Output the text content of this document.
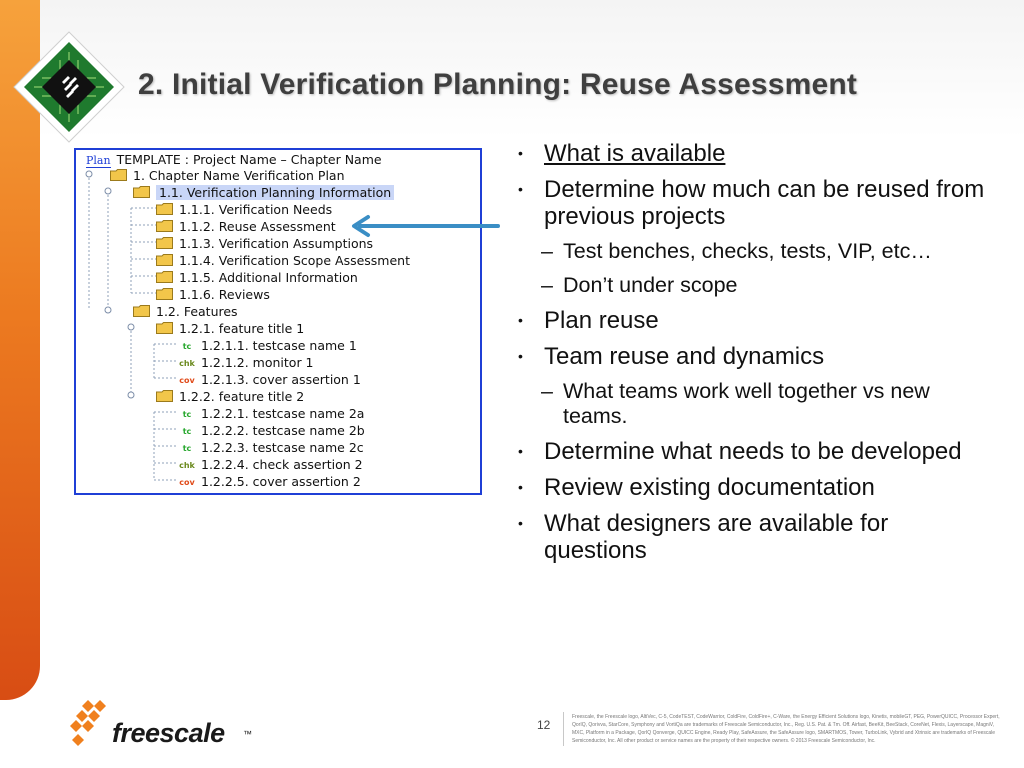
2. Initial Verification Planning: Reuse Assessment
Plan TEMPLATE : Project Name – Chapter Name
1. Chapter Name Verification Plan
1.1. Verification Planning Information
1.1.1. Verification Needs
1.1.2. Reuse Assessment
1.1.3. Verification Assumptions
1.1.4. Verification Scope Assessment
1.1.5. Additional Information
1.1.6. Reviews
1.2. Features
1.2.1. feature title 1
tc 1.2.1.1. testcase name 1
chk 1.2.1.2. monitor 1
cov 1.2.1.3. cover assertion 1
1.2.2. feature title 2
tc 1.2.2.1. testcase name 2a
tc 1.2.2.2. testcase name 2b
tc 1.2.2.3. testcase name 2c
chk 1.2.2.4. check assertion 2
cov 1.2.2.5. cover assertion 2
• What is available
• Determine how much can be reused from previous projects
– Test benches, checks, tests, VIP, etc…
– Don’t under scope
• Plan reuse
• Team reuse and dynamics
– What teams work well together vs new teams.
• Determine what needs to be developed
• Review existing documentation
• What designers are available for questions
freescale ™
12
Freescale, the Freescale logo, AltiVec, C-5, CodeTEST, CodeWarrior, ColdFire, ColdFire+, C-Ware, the Energy Efficient Solutions logo, Kinetis, mobileGT, PEG, PowerQUICC, Processor Expert, QorIQ, Qorivva, StarCore, Symphony and VortiQa are trademarks of Freescale Semiconductor, Inc., Reg. U.S. Pat. & Tm. Off. Airfast, BeeKit, BeeStack, CoreNet, Flexis, Layerscape, MagniV, MXC, Platform in a Package, QorIQ Qonverge, QUICC Engine, Ready Play, SafeAssure, the SafeAssure logo, SMARTMOS, Tower, TurboLink, Vybrid and Xtrinsic are trademarks of Freescale Semiconductor, Inc. All other product or service names are the property of their respective owners. © 2013 Freescale Semiconductor, Inc.
